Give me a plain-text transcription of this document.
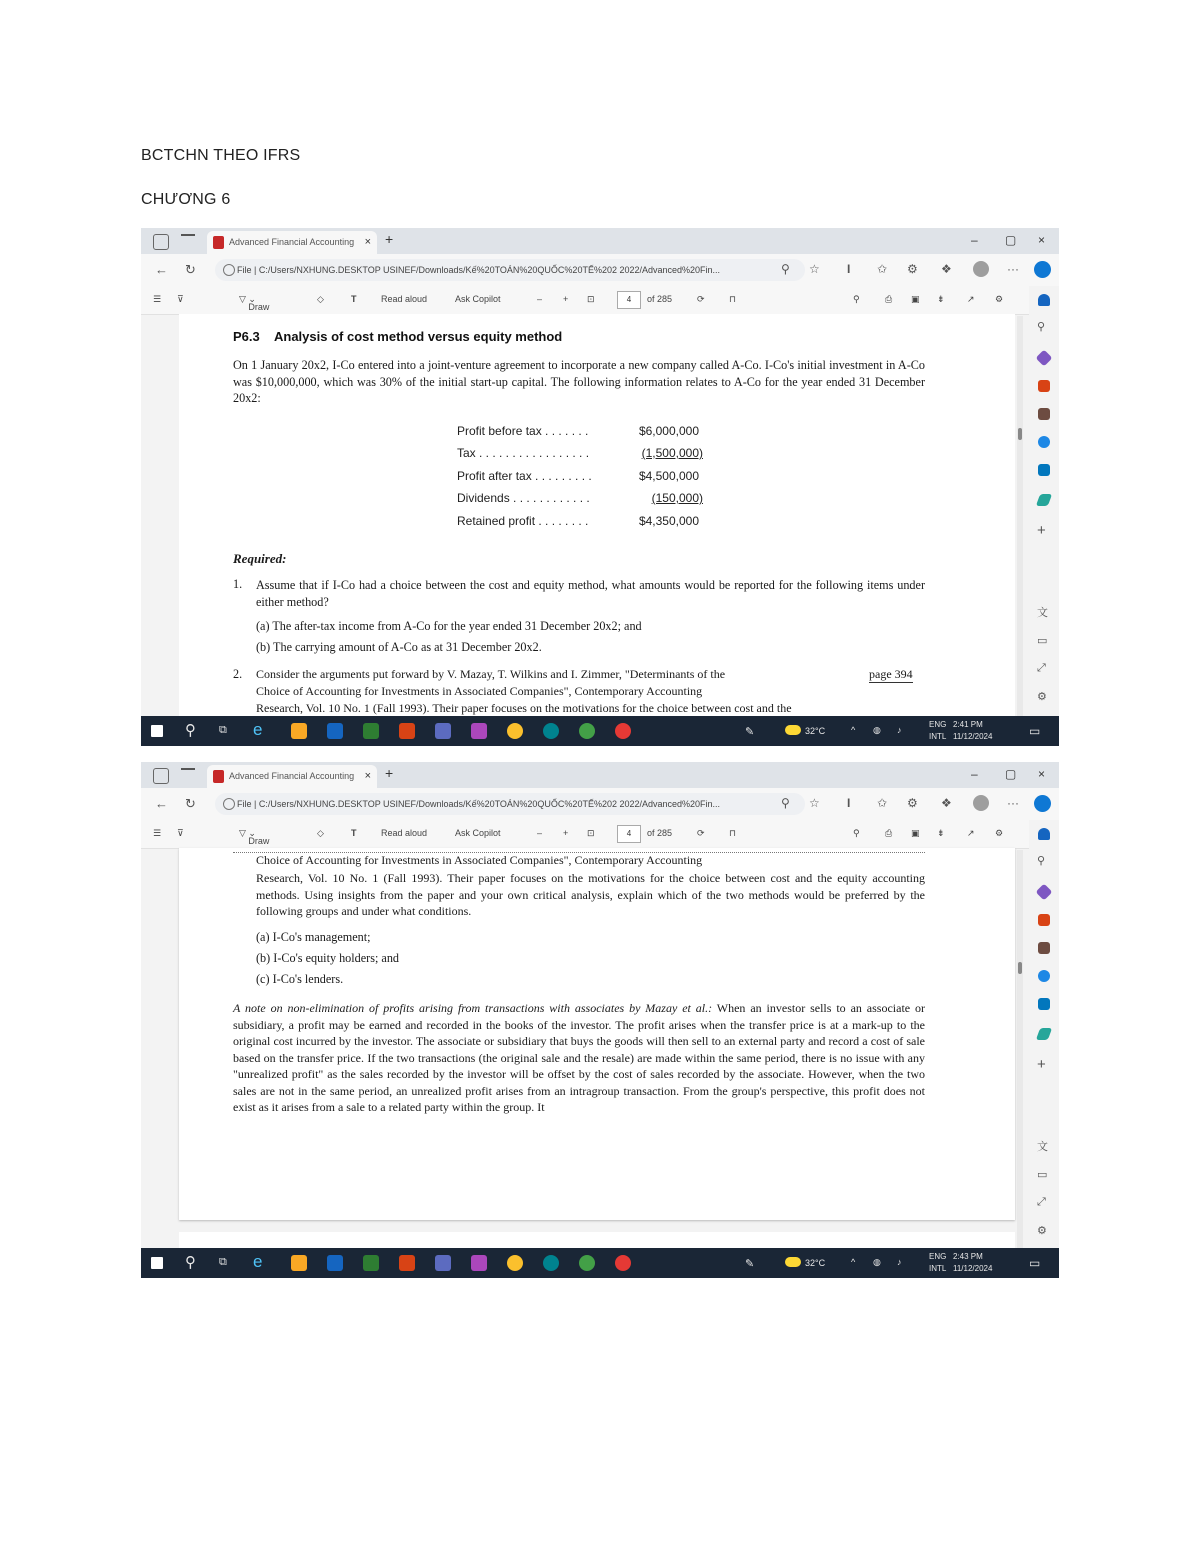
BCTCHN THEO IFRS
CHƯƠNG 6
Advanced Financial Accounting × +	– ▢ ×
← ↻	File | C:/Users/NXHUNG.DESKTOP USINEF/Downloads/Kế%20TOÁN%20QUỐC%20TẾ%202 2022/Advanced%20Fin...	⚲ ☆ I ✩ ⚙ ❖	···
☰ ⊽	▽
Draw
⌄	◇	T	Read aloud	Ask Copilot	– + ⊡	4	of 285	⟳	⊓	⚲	⎙ ▣ ⇟ ↗ ⚙
⚲
+
文
▭
⤢
⚙
P6.3 Analysis of cost method versus equity method
On 1 January 20x2, I-Co entered into a joint-venture agreement to incorporate a new company called A-Co. I-Co's initial investment in A-Co was $10,000,000, which was 30% of the initial start-up capital. The following information relates to A-Co for the year ended 31 December 20x2:
Profit before tax . . . . . . .	$6,000,000
Tax . . . . . . . . . . . . . . . . .	(1,500,000)
Profit after tax . . . . . . . . .	$4,500,000
Dividends . . . . . . . . . . . .	(150,000)
Retained profit . . . . . . . .	$4,350,000
Required:
1. Assume that if I-Co had a choice between the cost and equity method, what amounts would be reported for the following items under either method?
(a) The after-tax income from A-Co for the year ended 31 December 20x2; and
(b) The carrying amount of A-Co as at 31 December 20x2.
2. Consider the arguments put forward by V. Mazay, T. Wilkins and I. Zimmer, "Determinants of the
Choice of Accounting for Investments in Associated Companies", Contemporary Accounting
Research, Vol. 10 No. 1 (Fall 1993). Their paper focuses on the motivations for the choice between cost and the
page 394
⚲ ⧉ e	✎	32°C	^ ◍ ♪
ENG
INTL
2:41 PM
11/12/2024	▭
Advanced Financial Accounting × +	– ▢ ×
← ↻	File | C:/Users/NXHUNG.DESKTOP USINEF/Downloads/Kế%20TOÁN%20QUỐC%20TẾ%202 2022/Advanced%20Fin...	⚲ ☆ I ✩ ⚙ ❖	···
☰ ⊽	▽
Draw
⌄	◇	T	Read aloud	Ask Copilot	– + ⊡	4	of 285	⟳	⊓	⚲	⎙ ▣ ⇟ ↗ ⚙
⚲
+
文
▭
⤢
⚙
Choice of Accounting for Investments in Associated Companies", Contemporary Accounting
Research, Vol. 10 No. 1 (Fall 1993). Their paper focuses on the motivations for the choice between cost and the equity accounting methods. Using insights from the paper and your own critical analysis, explain which of the two methods would be preferred by the following groups and under what conditions.
(a) I-Co's management;
(b) I-Co's equity holders; and
(c) I-Co's lenders.
A note on non-elimination of profits arising from transactions with associates by Mazay et al.: When an investor sells to an associate or subsidiary, a profit may be earned and recorded in the books of the investor. The profit arises when the transfer price is at a mark-up to the original cost incurred by the investor. The associate or subsidiary that buys the goods will then sell to an external party and record a cost of sale based on the transfer price. If the two transactions (the original sale and the resale) are made within the same period, there is no issue with any "unrealized profit" as the sales recorded by the investor will be offset by the cost of sales recorded by the associate. However, when the two sales are not in the same period, an unrealized profit arises from an intragroup transaction. From the group's perspective, this profit does not exist as it arises from a sale to a related party within the group. It
⚲ ⧉ e	✎	32°C	^ ◍ ♪
ENG
INTL
2:43 PM
11/12/2024	▭
